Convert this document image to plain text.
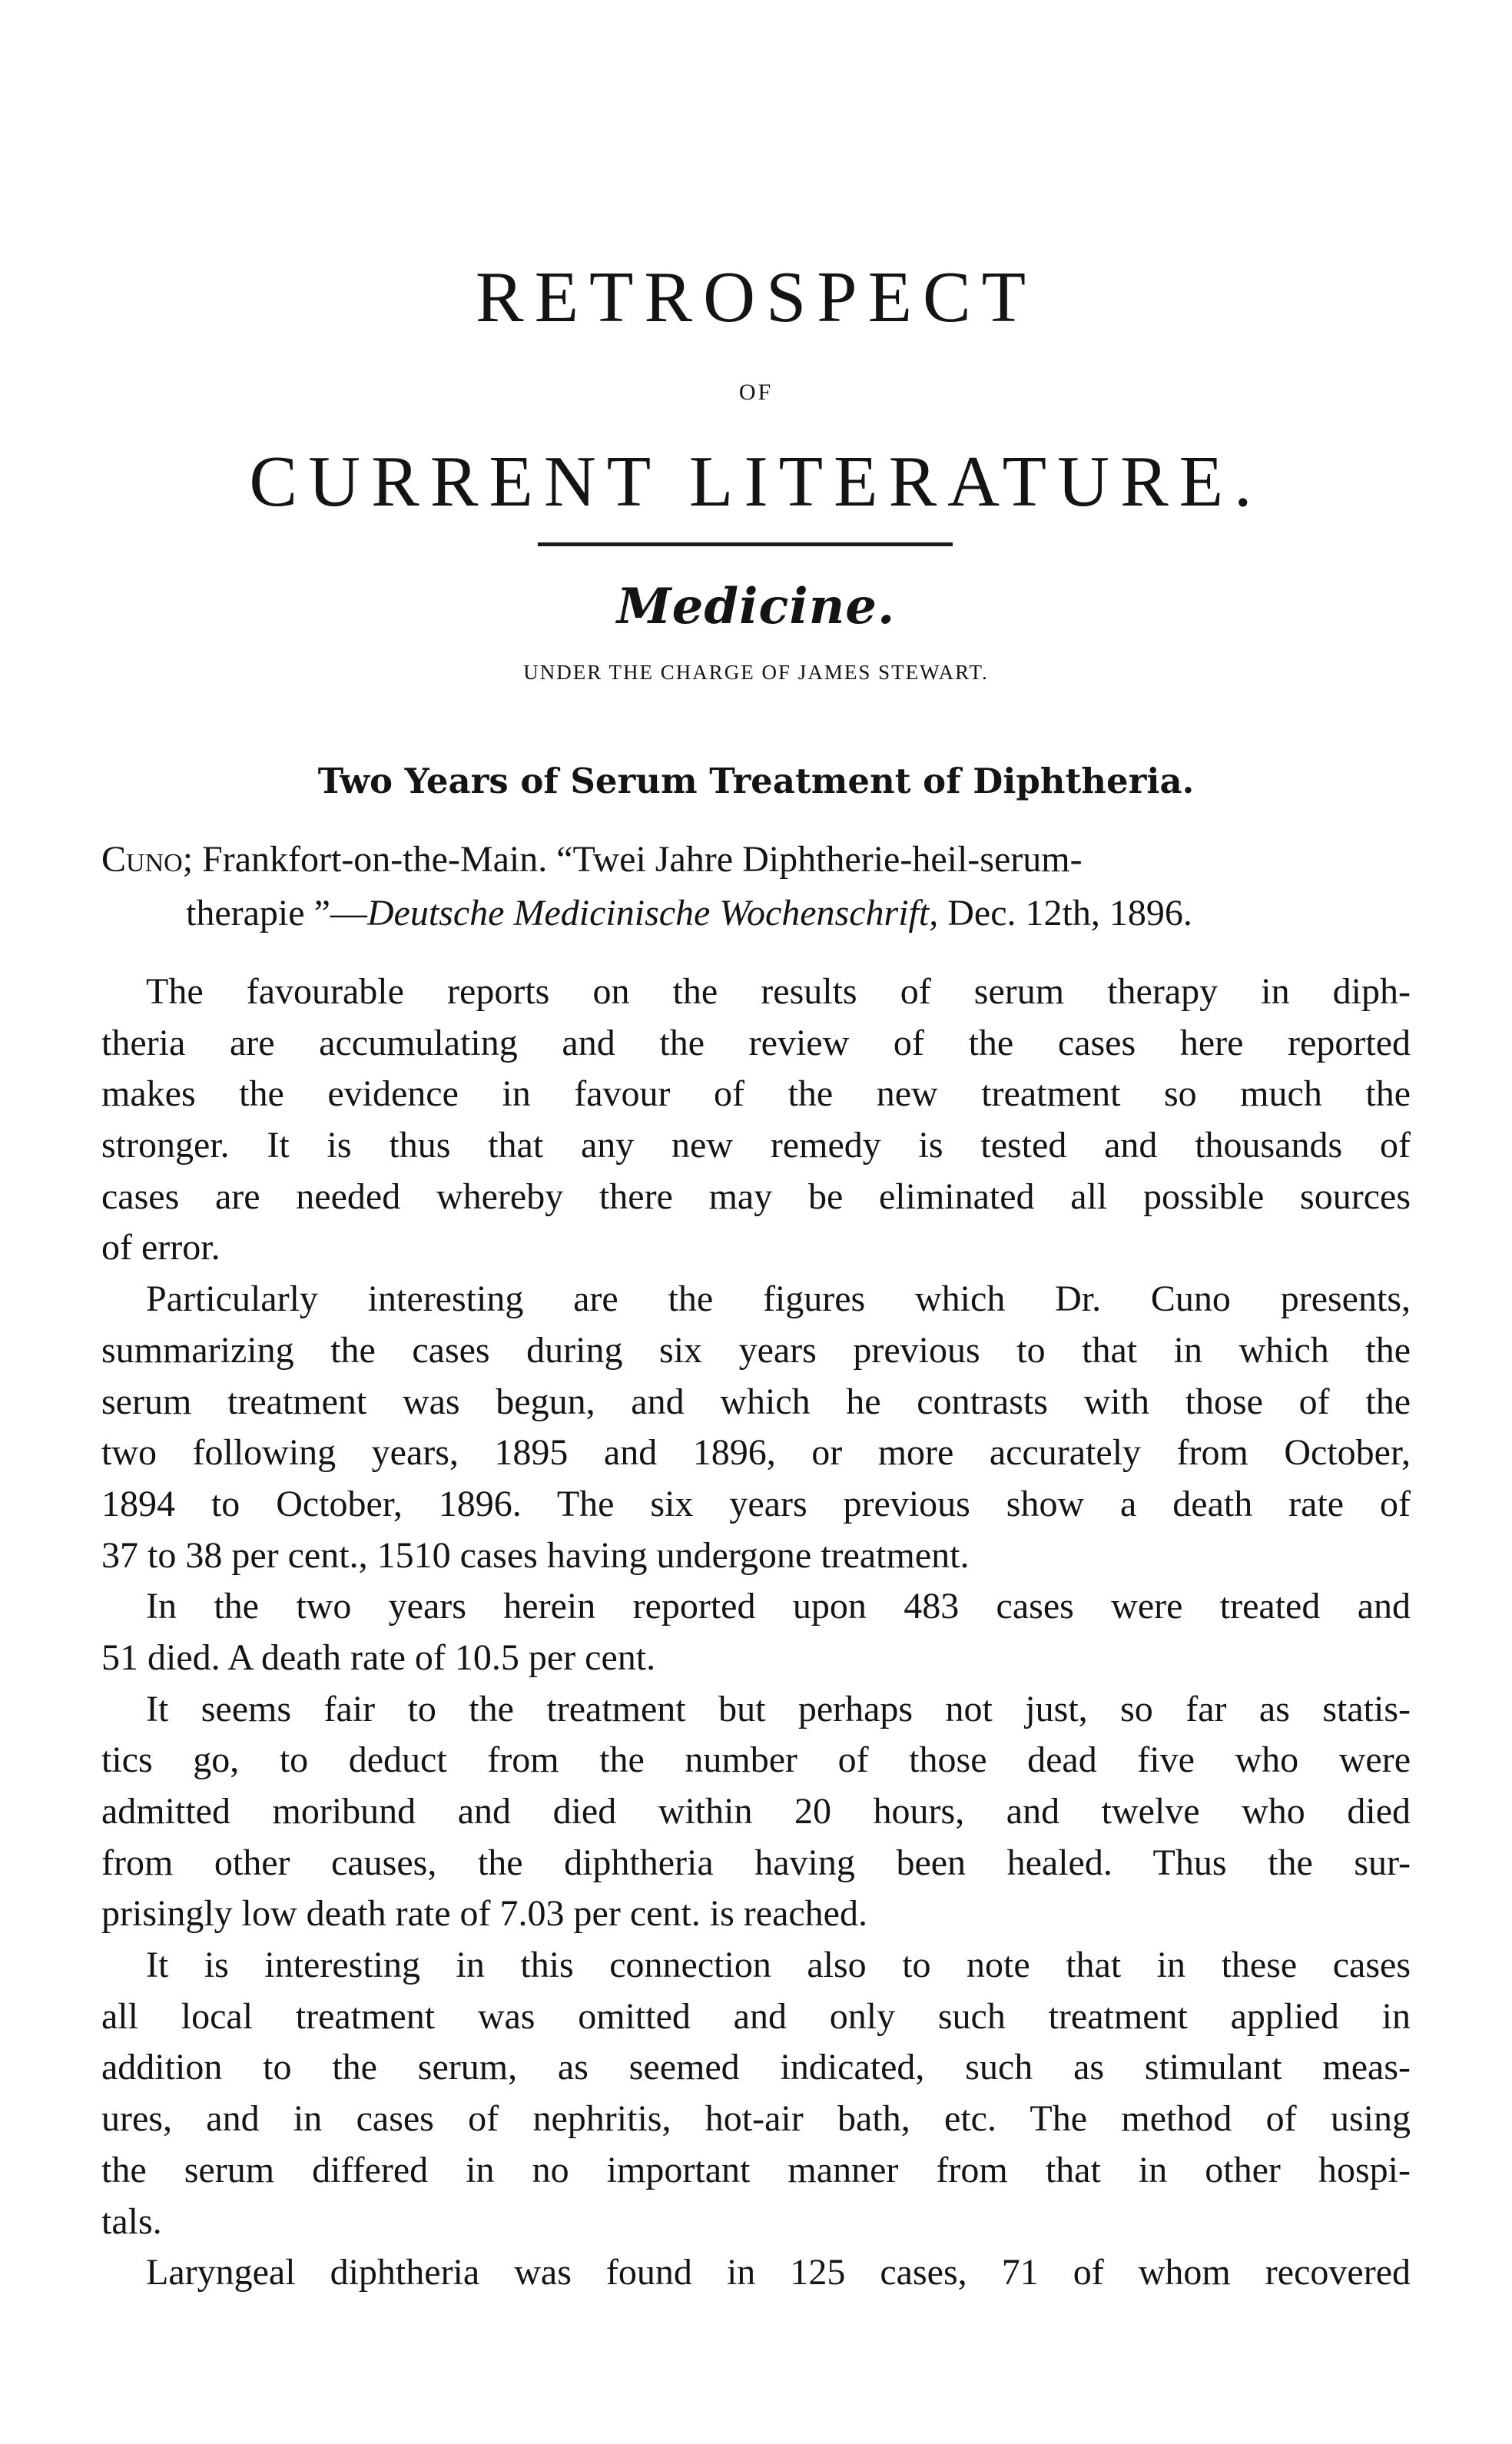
RETROSPECT
OF
CURRENT LITERATURE.
Medicine.
UNDER THE CHARGE OF JAMES STEWART.
Two Years of Serum Treatment of Diphtheria.
Cuno; Frankfort-on-the-Main. “Twei Jahre Diphtherie-heil-serum-
therapie ”—Deutsche Medicinische Wochenschrift, Dec. 12th, 1896.
The favourable reports on the results of serum therapy in diph-
theria are accumulating and the review of the cases here reported
makes the evidence in favour of the new treatment so much the
stronger. It is thus that any new remedy is tested and thousands of
cases are needed whereby there may be eliminated all possible sources
of error.
Particularly interesting are the figures which Dr. Cuno presents,
summarizing the cases during six years previous to that in which the
serum treatment was begun, and which he contrasts with those of the
two following years, 1895 and 1896, or more accurately from October,
1894 to October, 1896. The six years previous show a death rate of
37 to 38 per cent., 1510 cases having undergone treatment.
In the two years herein reported upon 483 cases were treated and
51 died. A death rate of 10.5 per cent.
It seems fair to the treatment but perhaps not just, so far as statis-
tics go, to deduct from the number of those dead five who were
admitted moribund and died within 20 hours, and twelve who died
from other causes, the diphtheria having been healed. Thus the sur-
prisingly low death rate of 7.03 per cent. is reached.
It is interesting in this connection also to note that in these cases
all local treatment was omitted and only such treatment applied in
addition to the serum, as seemed indicated, such as stimulant meas-
ures, and in cases of nephritis, hot-air bath, etc. The method of using
the serum differed in no important manner from that in other hospi-
tals.
Laryngeal diphtheria was found in 125 cases, 71 of whom recovered
